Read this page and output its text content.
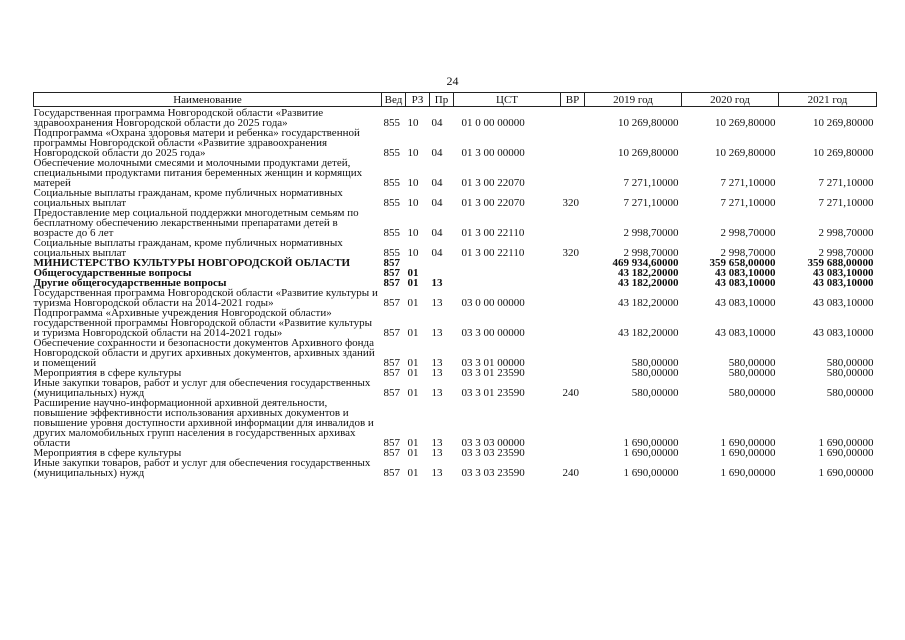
24
Наименование	Вед	РЗ	Пр	ЦСТ	ВР	2019 год	2020 год	2021 год

Государственная программа Новгородской области «Развитие здравоохранения Новгородской области до 2025 года»	855	10	04	01 0 00 00000		10 269,80000	10 269,80000	10 269,80000
Подпрограмма «Охрана здоровья матери и ребенка» государственной программы Новгородской области «Развитие здравоохранения Новгородской области до 2025 года»	855	10	04	01 3 00 00000		10 269,80000	10 269,80000	10 269,80000
Обеспечение молочными смесями и молочными продуктами детей, специальными продуктами питания беременных женщин и кормящих матерей	855	10	04	01 3 00 22070		7 271,10000	7 271,10000	7 271,10000
Социальные выплаты гражданам, кроме публичных нормативных социальных выплат	855	10	04	01 3 00 22070	320	7 271,10000	7 271,10000	7 271,10000
Предоставление мер социальной поддержки многодетным семьям по бесплатному обеспечению лекарственными препаратами детей в возрасте до 6 лет	855	10	04	01 3 00 22110		2 998,70000	2 998,70000	2 998,70000
Социальные выплаты гражданам, кроме публичных нормативных социальных выплат	855	10	04	01 3 00 22110	320	2 998,70000	2 998,70000	2 998,70000
МИНИСТЕРСТВО КУЛЬТУРЫ НОВГОРОДСКОЙ ОБЛАСТИ	857					469 934,60000	359 658,00000	359 688,00000
Общегосударственные вопросы	857	01				43 182,20000	43 083,10000	43 083,10000
Другие общегосударственные вопросы	857	01	13			43 182,20000	43 083,10000	43 083,10000
Государственная программа Новгородской области «Развитие культуры и туризма Новгородской области на 2014-2021 годы»	857	01	13	03 0 00 00000		43 182,20000	43 083,10000	43 083,10000
Подпрограмма «Архивные учреждения Новгородской области» государственной программы Новгородской области «Развитие культуры и туризма Новгородской области на 2014-2021 годы»	857	01	13	03 3 00 00000		43 182,20000	43 083,10000	43 083,10000
Обеспечение сохранности и безопасности документов Архивного фонда Новгородской области и других архивных документов, архивных зданий и помещений	857	01	13	03 3 01 00000		580,00000	580,00000	580,00000
Мероприятия в сфере культуры	857	01	13	03 3 01 23590		580,00000	580,00000	580,00000
Иные закупки товаров, работ и услуг для обеспечения государственных (муниципальных) нужд	857	01	13	03 3 01 23590	240	580,00000	580,00000	580,00000
Расширение научно-информационной архивной деятельности, повышение эффективности использования архивных документов и повышение уровня доступности архивной информации для инвалидов и других маломобильных групп населения в государственных архивах области	857	01	13	03 3 03 00000		1 690,00000	1 690,00000	1 690,00000
Мероприятия в сфере культуры	857	01	13	03 3 03 23590		1 690,00000	1 690,00000	1 690,00000
Иные закупки товаров, работ и услуг для обеспечения государственных (муниципальных) нужд	857	01	13	03 3 03 23590	240	1 690,00000	1 690,00000	1 690,00000
